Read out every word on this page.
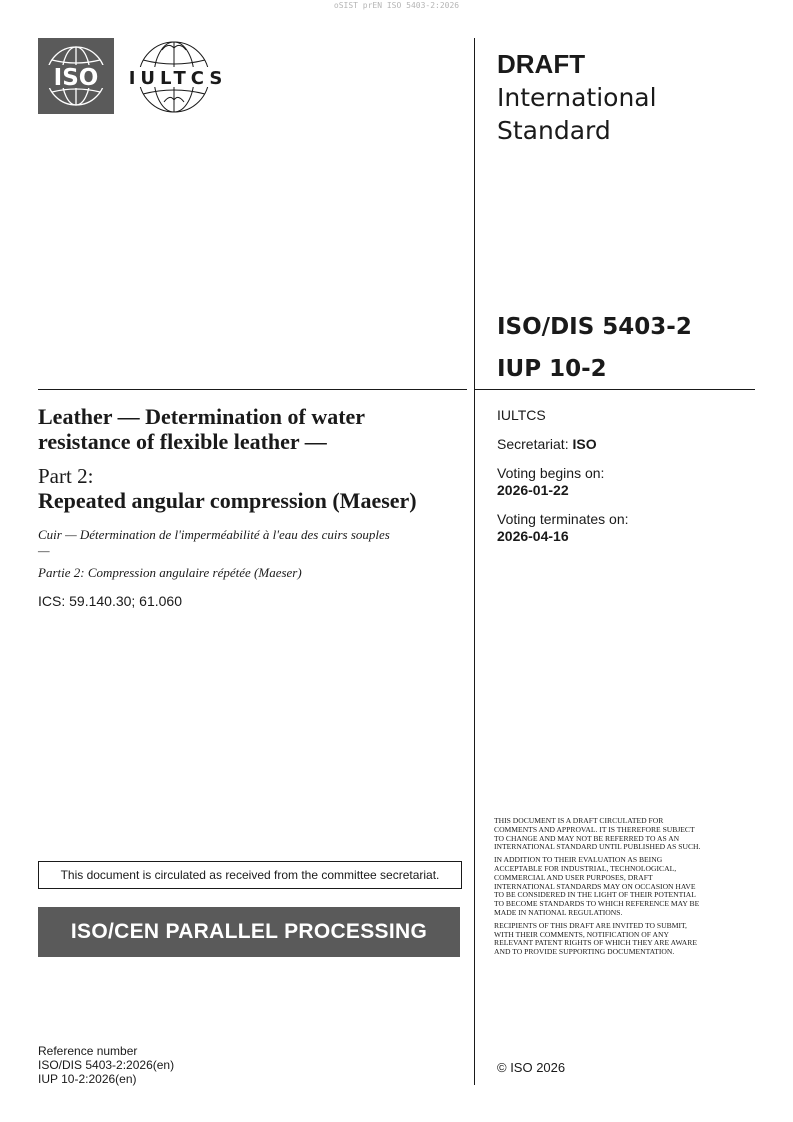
oSIST prEN ISO 5403-2:2026
ISO IULTCS	DRAFT
International
Standard
ISO/DIS 5403-2
IUP 10-2

Leather — Determination of water resistance of flexible leather —

Part 2:

Repeated angular compression (Maeser)

Cuir — Détermination de l'imperméabilité à l'eau des cuirs souples —

Partie 2: Compression angulaire répétée (Maeser)

ICS: 59.140.30; 61.060

IULTCS
Secretariat: ISO
Voting begins on:
2026-01-22
Voting terminates on:
2026-04-16
This document is circulated as received from the committee secretariat.
ISO/CEN PARALLEL PROCESSING
Reference number
ISO/DIS 5403-2:2026(en)
IUP 10-2:2026(en)

THIS DOCUMENT IS A DRAFT CIRCULATED FOR COMMENTS AND APPROVAL. IT IS THEREFORE SUBJECT TO CHANGE AND MAY NOT BE REFERRED TO AS AN INTERNATIONAL STANDARD UNTIL PUBLISHED AS SUCH.

IN ADDITION TO THEIR EVALUATION AS BEING ACCEPTABLE FOR INDUSTRIAL, TECHNOLOGICAL, COMMERCIAL AND USER PURPOSES, DRAFT INTERNATIONAL STANDARDS MAY ON OCCASION HAVE TO BE CONSIDERED IN THE LIGHT OF THEIR POTENTIAL TO BECOME STANDARDS TO WHICH REFERENCE MAY BE MADE IN NATIONAL REGULATIONS.

RECIPIENTS OF THIS DRAFT ARE INVITED TO SUBMIT, WITH THEIR COMMENTS, NOTIFICATION OF ANY RELEVANT PATENT RIGHTS OF WHICH THEY ARE AWARE AND TO PROVIDE SUPPORTING DOCUMENTATION.

© ISO 2026
